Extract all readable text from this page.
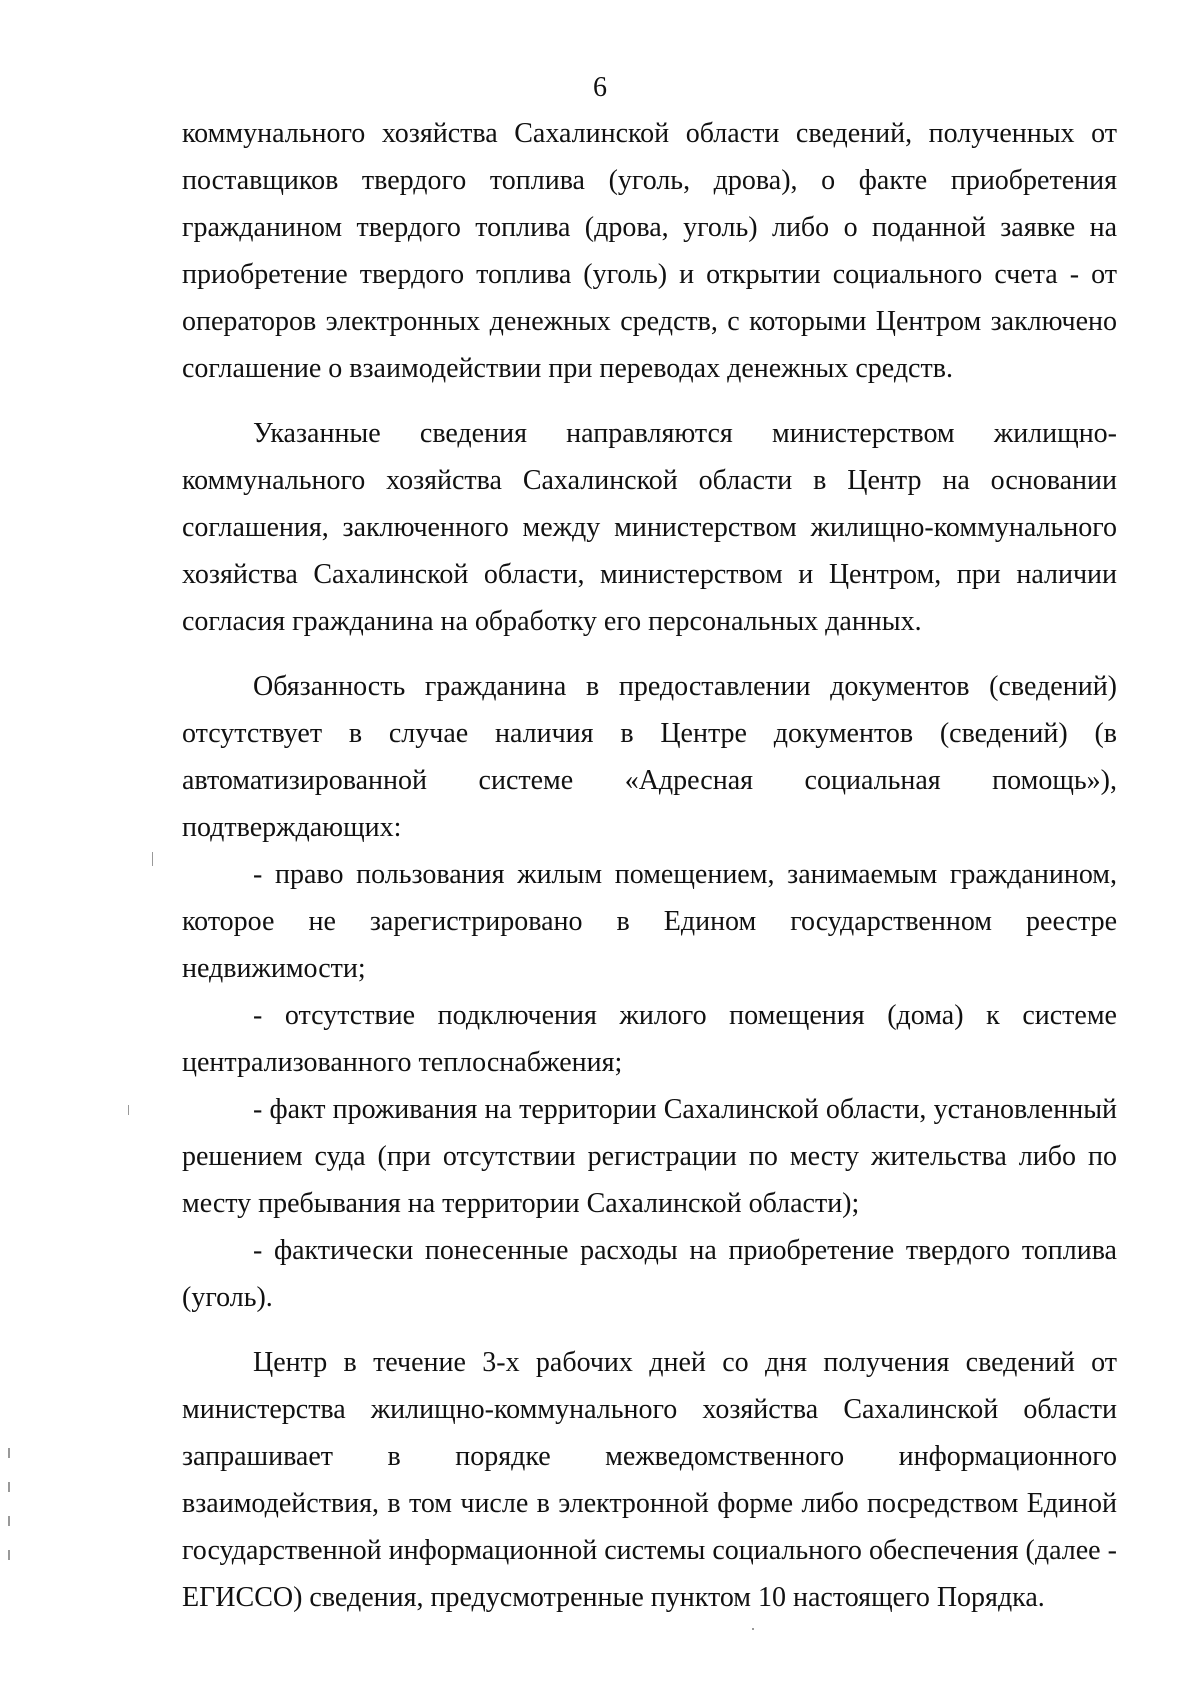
6

коммунального хозяйства Сахалинской области сведений, полученных от поставщиков твердого топлива (уголь, дрова), о факте приобретения гражданином твердого топлива (дрова, уголь) либо о поданной заявке на приобретение твердого топлива (уголь) и открытии социального счета - от операторов электронных денежных средств, с которыми Центром заключено соглашение о взаимодействии при переводах денежных средств.

Указанные сведения направляются министерством жилищно-коммунального хозяйства Сахалинской области в Центр на основании соглашения, заключенного между министерством жилищно-коммунального хозяйства Сахалинской области, министерством и Центром, при наличии согласия гражданина на обработку его персональных данных.

Обязанность гражданина в предоставлении документов (сведений) отсутствует в случае наличия в Центре документов (сведений) (в автоматизированной системе «Адресная социальная помощь»), подтверждающих:

- право пользования жилым помещением, занимаемым гражданином, которое не зарегистрировано в Едином государственном реестре недвижимости;

- отсутствие подключения жилого помещения (дома) к системе централизованного теплоснабжения;

- факт проживания на территории Сахалинской области, установленный решением суда (при отсутствии регистрации по месту жительства либо по месту пребывания на территории Сахалинской области);

- фактически понесенные расходы на приобретение твердого топлива (уголь).

Центр в течение 3-х рабочих дней со дня получения сведений от министерства жилищно-коммунального хозяйства Сахалинской области запрашивает в порядке межведомственного информационного взаимодействия, в том числе в электронной форме либо посредством Единой государственной информационной системы социального обеспечения (далее - ЕГИССО) сведения, предусмотренные пунктом 10 настоящего Порядка.
